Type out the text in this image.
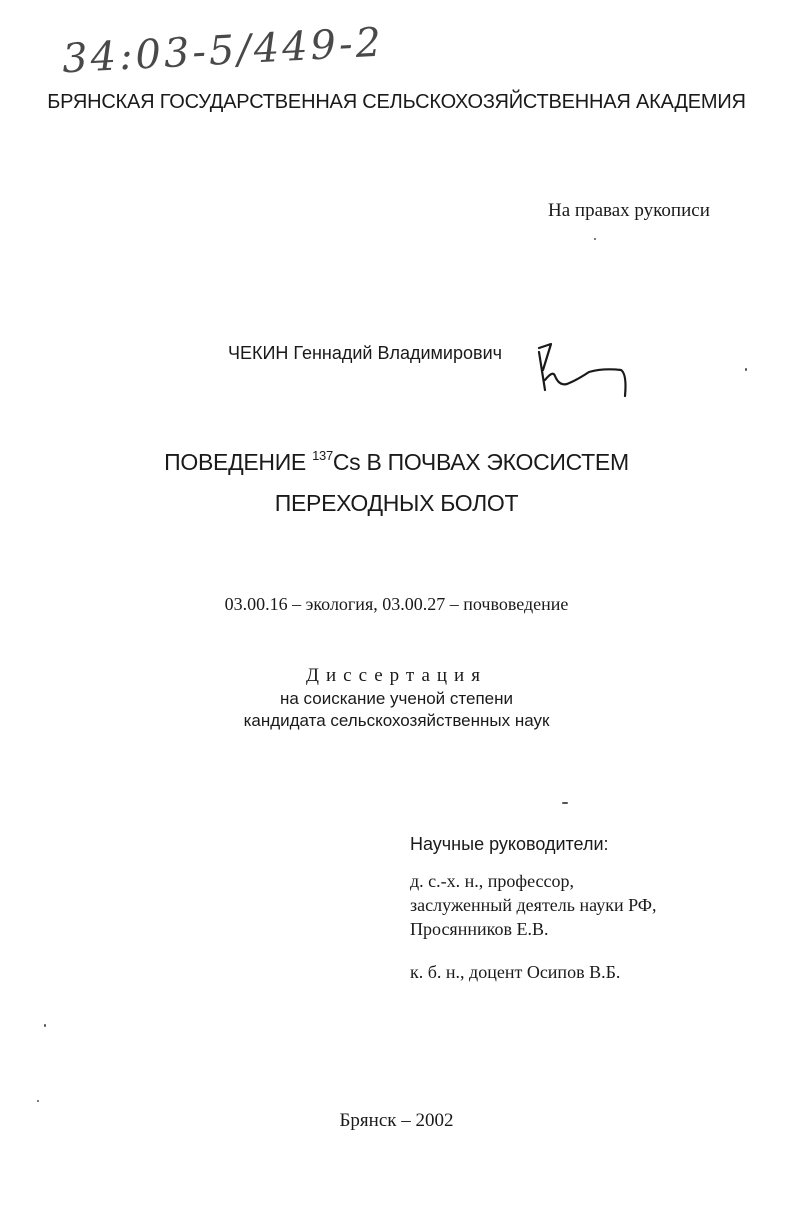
34:03-5/449-2
БРЯНСКАЯ ГОСУДАРСТВЕННАЯ СЕЛЬСКОХОЗЯЙСТВЕННАЯ АКАДЕМИЯ
На правах рукописи
ЧЕКИН Геннадий Владимирович
ПОВЕДЕНИЕ $^{137}$Cs В ПОЧВАХ ЭКОСИСТЕМ
ПЕРЕХОДНЫХ БОЛОТ
03.00.16 – экология, 03.00.27 – почвоведение
Диссертация
на соискание ученой степени
кандидата сельскохозяйственных наук
Научные руководители:
д. с.-х. н., профессор,
заслуженный деятель науки РФ,
Просянников Е.В.
к. б. н., доцент Осипов В.Б.
Брянск – 2002
